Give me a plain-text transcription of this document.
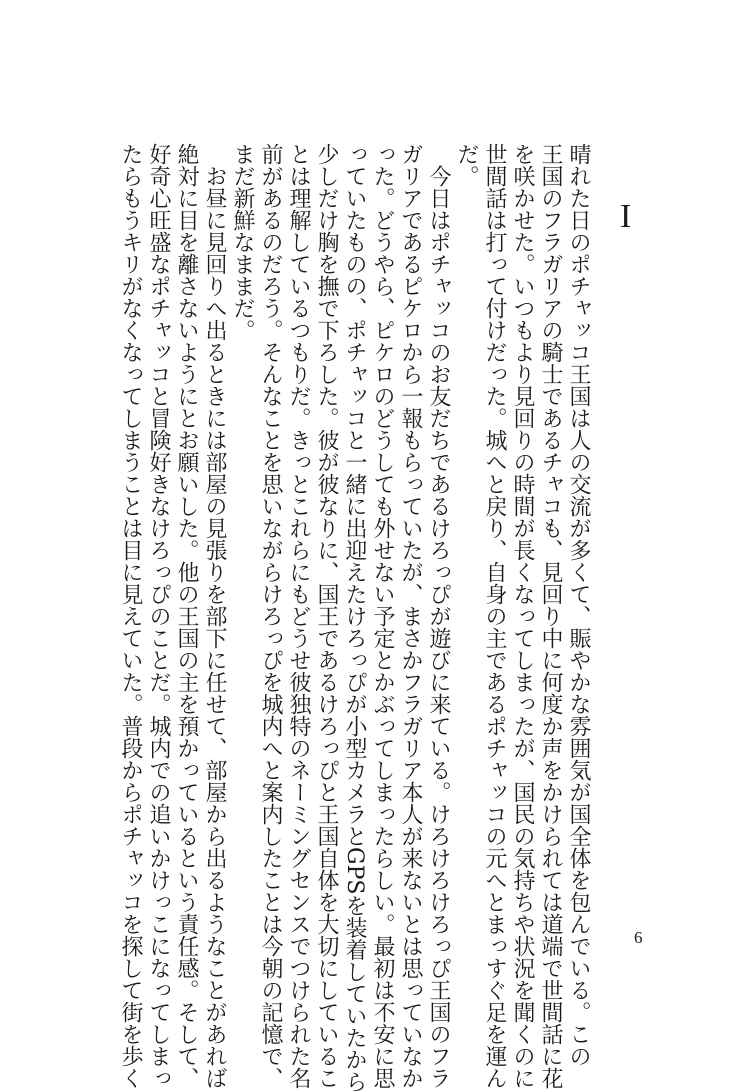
I
晴れた日のポチャッコ王国は人の交流が多くて、賑やかな雰囲気が国全体を包んでいる。この
王国のフラガリアの騎士であるチャコも、見回り中に何度か声をかけられては道端で世間話に花
を咲かせた。いつもより見回りの時間が長くなってしまったが、国民の気持ちや状況を聞くのに
世間話は打って付けだった。城へと戻り、自身の主であるポチャッコの元へとまっすぐ足を運ん
だ。
　今日はポチャッコのお友だちであるけろっぴが遊びに来ている。けろけろけろっぴ王国のフラ
ガリアであるピケロから一報もらっていたが、まさかフラガリア本人が来ないとは思っていなか
った。どうやら、ピケロのどうしても外せない予定とかぶってしまったらしい。最初は不安に思
っていたものの、ポチャッコと一緒に出迎えたけろっぴが小型カメラとGPSを装着していたから
少しだけ胸を撫で下ろした。彼が彼なりに、国王であるけろっぴと王国自体を大切にしているこ
とは理解しているつもりだ。きっとこれらにもどうせ彼独特のネーミングセンスでつけられた名
前があるのだろう。そんなことを思いながらけろっぴを城内へと案内したことは今朝の記憶で、
まだ新鮮なままだ。
　お昼に見回りへ出るときには部屋の見張りを部下に任せて、部屋から出るようなことがあれば
絶対に目を離さないようにとお願いした。他の王国の主を預かっているという責任感。そして、
好奇心旺盛なポチャッコと冒険好きなけろっぴのことだ。城内での追いかけっこになってしまっ
たらもうキリがなくなってしまうことは目に見えていた。普段からポチャッコを探して街を歩く	6
